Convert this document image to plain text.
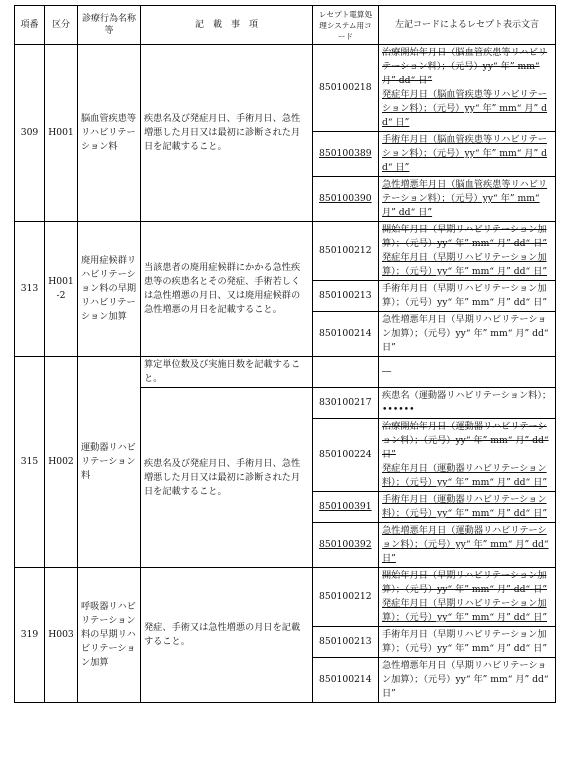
項番	区分	診療行為名称等	記　載　事　項	レセプト電算処理システム用コード	左記コードによるレセプト表示文言
309	H001	脳血管疾患等リハビリテーション料	疾患名及び発症月日、手術月日、急性増悪した月日又は最初に診断された月日を記載すること。	850100218	治療開始年月日（脳血管疾患等リハビリテーション料）；（元号）yy“ 年” mm“ 月” dd“ 日”
発症年月日（脳血管疾患等リハビリテーション料）；（元号）yy“ 年” mm“ 月” dd“ 日”

				850100389	手術年月日（脳血管疾患等リハビリテーション料）；（元号）yy“ 年” mm“ 月” dd“ 日”

				850100390	急性増悪年月日（脳血管疾患等リハビリテーション料）；（元号）yy“ 年” mm“ 月” dd“ 日”

313	H001-2	廃用症候群リハビリテーション料の早期リハビリテーション加算	当該患者の廃用症候群にかかる急性疾患等の疾患名とその発症、手術若しくは急性増悪の月日、又は廃用症候群の急性増悪の月日を記載すること。	850100212	開始年月日（早期リハビリテーション加算）；（元号）yy“ 年” mm“ 月” dd“ 日”
発症年月日（早期リハビリテーション加算）；（元号）yy“ 年” mm“ 月” dd“ 日”

				850100213	手術年月日（早期リハビリテーション加算）；（元号）yy“ 年” mm“ 月” dd“ 日”

				850100214	急性増悪年月日（早期リハビリテーション加算）；（元号）yy“ 年” mm“ 月” dd“ 日”

315	H002	運動器リハビリテーション料	算定単位数及び実施日数を記載すること。		―
			疾患名及び発症月日、手術月日、急性増悪した月日又は最初に診断された月日を記載すること。	830100217	疾患名（運動器リハビリテーション料）；••••••

				850100224	治療開始年月日（運動器リハビリテーション料）；（元号）yy“ 年” mm“ 月” dd“ 日”
発症年月日（運動器リハビリテーション料）；（元号）yy“ 年” mm“ 月” dd“ 日”

				850100391	手術年月日（運動器リハビリテーション料）；（元号）yy“ 年” mm“ 月” dd“ 日”

				850100392	急性増悪年月日（運動器リハビリテーション料）；（元号）yy“ 年” mm“ 月” dd“ 日”

319	H003	呼吸器リハビリテーション料の早期リハビリテーション加算	発症、手術又は急性増悪の月日を記載すること。	850100212	開始年月日（早期リハビリテーション加算）；（元号）yy“ 年” mm“ 月” dd“ 日”
発症年月日（早期リハビリテーション加算）；（元号）yy“ 年” mm“ 月” dd“ 日”

				850100213	手術年月日（早期リハビリテーション加算）；（元号）yy“ 年” mm“ 月” dd“ 日”

				850100214	急性増悪年月日（早期リハビリテーション加算）；（元号）yy“ 年” mm“ 月” dd“ 日”
